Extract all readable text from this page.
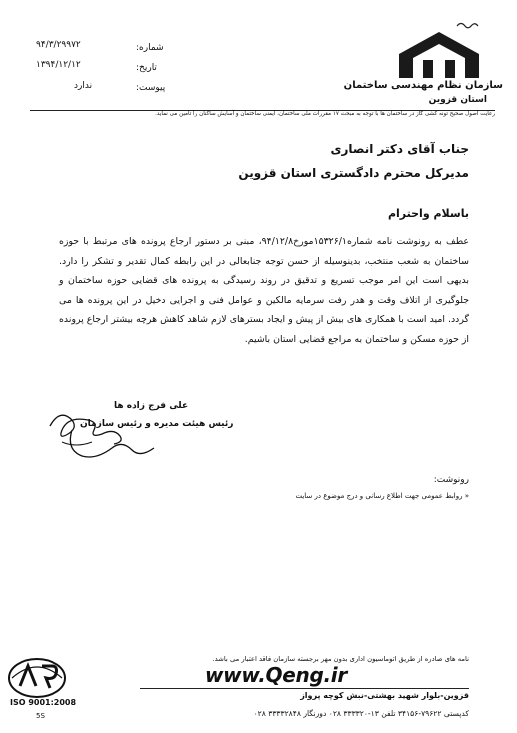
سازمان نظام مهندسی ساختمان
استان قزوین
شماره:
تاریخ:
پیوست:
۹۴/۳/۲۹۹۷۲
۱۳۹۴/۱۲/۱۲
ندارد
رعایت اصول صحیح تونه کشی گاز در ساختمان ها با توجه به مبحث ۱۷ مقررات ملی ساختمان، ایمنی ساختمان و آسایش ساکنان را تامین می نماید.
جناب آقای دکتر انصاری
مدیرکل محترم دادگستری استان قزوین
باسلام واحترام
عطف به رونوشت نامه شماره۱۵۳۲۶/۱مورخ۹۴/۱۲/۸، مبنی بر دستور ارجاع پرونده های مرتبط با حوزه ساختمان به شعب منتخب، بدینوسیله از حسن توجه جنابعالی در این رابطه کمال تقدیر و تشکر را دارد. بدیهی است این امر موجب تسریع و تدقیق در روند رسیدگی به پرونده های قضایی حوزه ساختمان و جلوگیری از اتلاف وقت و هدر رفت سرمایه مالکین و عوامل فنی و اجرایی دخیل در این پرونده ها می گردد. امید است با همکاری های بیش از پیش و ایجاد بسترهای لازم شاهد کاهش هرچه بیشتر ارجاع پرونده از حوزه مسکن و ساختمان به مراجع قضایی استان باشیم.
علی فرج زاده ها
رئیس هیئت مدیره و رئیس سازمان
رونوشت:
« روابط عمومی جهت اطلاع رسانی و درج موضوع در سایت
نامه های صادره از طریق اتوماسیون اداری بدون مهر برجسته سازمان فاقد اعتبار می باشد.
www.Qeng.ir
قزوین-بلوار شهید بهشتی-نبش کوچه پرواز
کدپستی ۷۹۶۲۲-۳۴۱۵۶ تلفن ۱۳-۳۳۳۳۲۰ ۰۲۸ دورنگار ۳۳۳۳۲۸۴۸ ۰۲۸
ISO 9001:2008
5S
